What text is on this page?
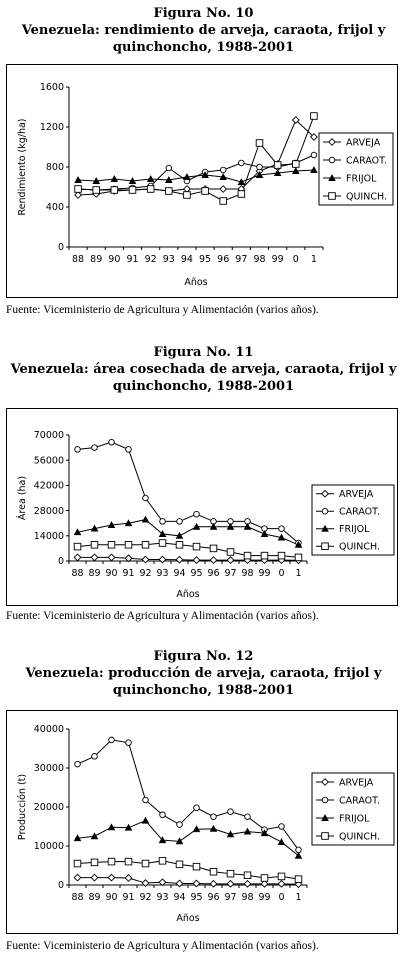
Figura No. 10
Venezuela: rendimiento de arveja, caraota, frijol y
quinchoncho, 1988-2001
0
400
800
1200
1600
88 89 90 91 92 93 94 95 96 97 98 99 0 1
Años
Rendimiento (kg/ha)	ARVEJA
CARAOT.
FRIJOL
QUINCH.
Fuente: Viceministerio de Agricultura y Alimentación (varios años).
Figura No. 11
Venezuela: área cosechada de arveja, caraota, frijol y
quinchoncho, 1988-2001
0
14000
28000
42000
56000
70000
88 89 90 91 92 93 94 95 96 97 98 99 0 1
Años
Área (ha)	ARVEJA
CARAOT.
FRIJOL
QUINCH.
Fuente: Viceministerio de Agricultura y Alimentación (varios años).
Figura No. 12
Venezuela: producción de arveja, caraota, frijol y
quinchoncho, 1988-2001
0
10000
20000
30000
40000
88 89 90 91 92 93 94 95 96 97 98 99 0 1
Años
Producción (t)	ARVEJA
CARAOT.
FRIJOL
QUINCH.
Fuente: Viceministerio de Agricultura y Alimentación (varios años).
